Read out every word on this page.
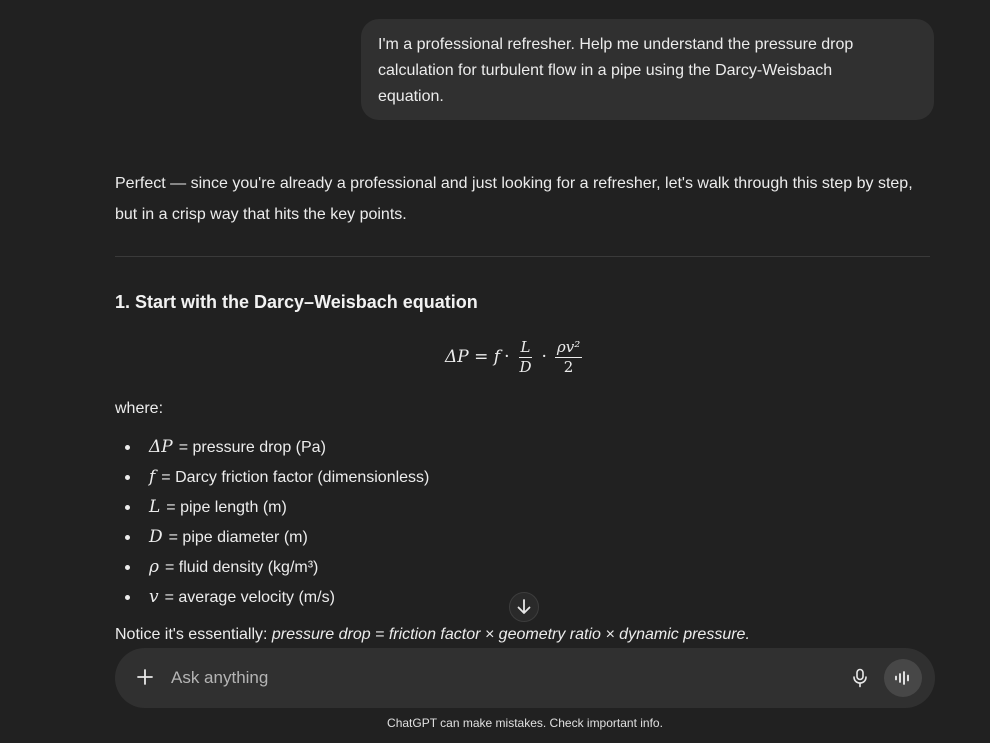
I'm a professional refresher. Help me understand the pressure drop
calculation for turbulent flow in a pipe using the Darcy-Weisbach
equation.
Perfect — since you're already a professional and just looking for a refresher, let's walk through this step by step, but in a crisp way that hits the key points.
1. Start with the Darcy–Weisbach equation
$\Delta P = f \cdot \frac{L}{D} \cdot \frac{\text{ρv²}}{2}$
where:
ΔP = pressure drop (Pa)
f = Darcy friction factor (dimensionless)
L = pipe length (m)
D = pipe diameter (m)
ρ = fluid density (kg/m³)
v = average velocity (m/s)
Notice it's essentially: pressure drop = friction factor × geometry ratio × dynamic pressure.
Ask anything
ChatGPT can make mistakes. Check important info.
